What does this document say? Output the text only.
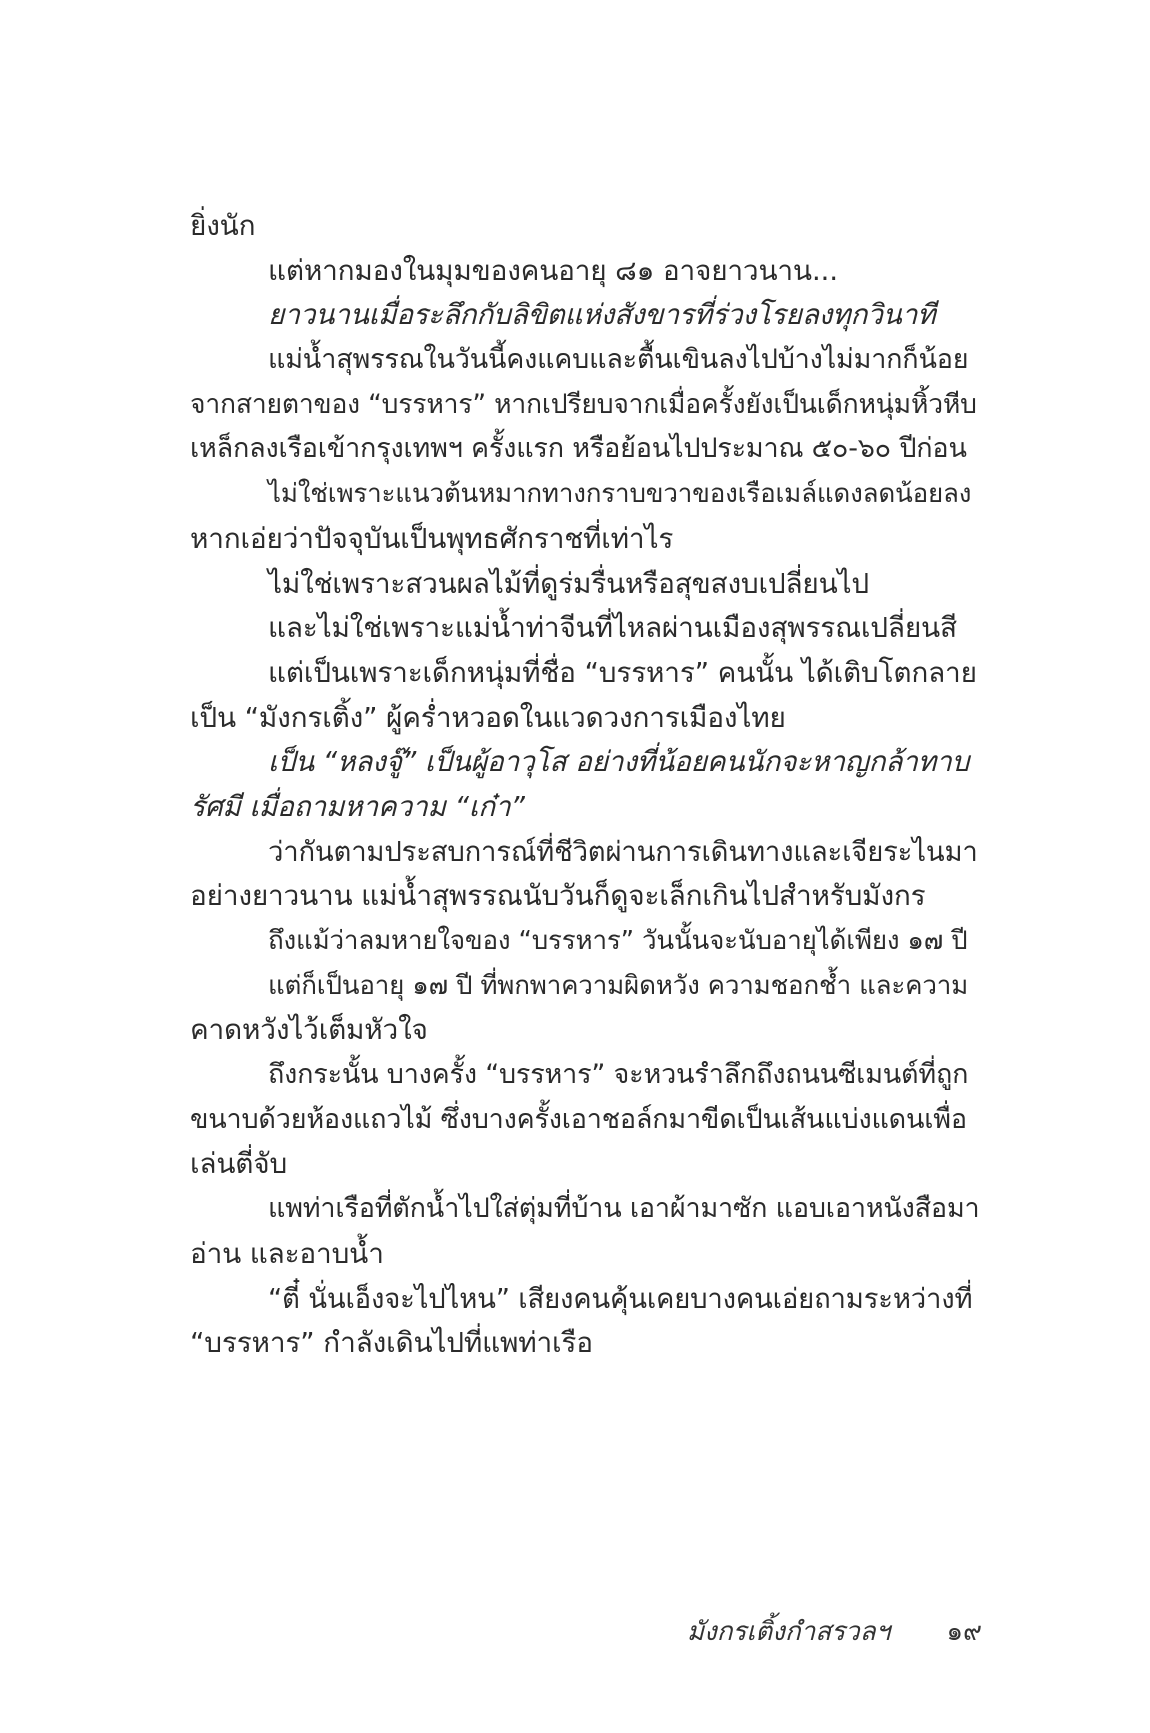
ยิ่งนัก
แต่หากมองในมุมของคนอายุ ๘๑ อาจยาวนาน...
ยาวนานเมื่อระลึกกับลิขิตแห่งสังขารที่ร่วงโรยลงทุกวินาที
แม่น้ำสุพรรณในวันนี้คงแคบและตื้นเขินลงไปบ้างไม่มากก็น้อย
จากสายตาของ “บรรหาร” หากเปรียบจากเมื่อครั้งยังเป็นเด็กหนุ่มหิ้วหีบ
เหล็กลงเรือเข้ากรุงเทพฯ ครั้งแรก หรือย้อนไปประมาณ ๕๐-๖๐ ปีก่อน
ไม่ใช่เพราะแนวต้นหมากทางกราบขวาของเรือเมล์แดงลดน้อยลง
หากเอ่ยว่าปัจจุบันเป็นพุทธศักราชที่เท่าไร
ไม่ใช่เพราะสวนผลไม้ที่ดูร่มรื่นหรือสุขสงบเปลี่ยนไป
และไม่ใช่เพราะแม่น้ำท่าจีนที่ไหลผ่านเมืองสุพรรณเปลี่ยนสี
แต่เป็นเพราะเด็กหนุ่มที่ชื่อ “บรรหาร” คนนั้น ได้เติบโตกลาย
เป็น “มังกรเติ้ง” ผู้คร่ำหวอดในแวดวงการเมืองไทย
เป็น “หลงจู๊” เป็นผู้อาวุโส อย่างที่น้อยคนนักจะหาญกล้าทาบ
รัศมี เมื่อถามหาความ “เก๋า”
ว่ากันตามประสบการณ์ที่ชีวิตผ่านการเดินทางและเจียระไนมา
อย่างยาวนาน แม่น้ำสุพรรณนับวันก็ดูจะเล็กเกินไปสำหรับมังกร
ถึงแม้ว่าลมหายใจของ “บรรหาร” วันนั้นจะนับอายุได้เพียง ๑๗ ปี
แต่ก็เป็นอายุ ๑๗ ปี ที่พกพาความผิดหวัง ความชอกช้ำ และความ
คาดหวังไว้เต็มหัวใจ
ถึงกระนั้น บางครั้ง “บรรหาร” จะหวนรำลึกถึงถนนซีเมนต์ที่ถูก
ขนาบด้วยห้องแถวไม้ ซึ่งบางครั้งเอาชอล์กมาขีดเป็นเส้นแบ่งแดนเพื่อ
เล่นตี่จับ
แพท่าเรือที่ตักน้ำไปใส่ตุ่มที่บ้าน เอาผ้ามาซัก แอบเอาหนังสือมา
อ่าน และอาบน้ำ
“ตี๋ นั่นเอ็งจะไปไหน” เสียงคนคุ้นเคยบางคนเอ่ยถามระหว่างที่
“บรรหาร” กำลังเดินไปที่แพท่าเรือ
มังกรเติ้งกำสรวลฯ ๑๙
